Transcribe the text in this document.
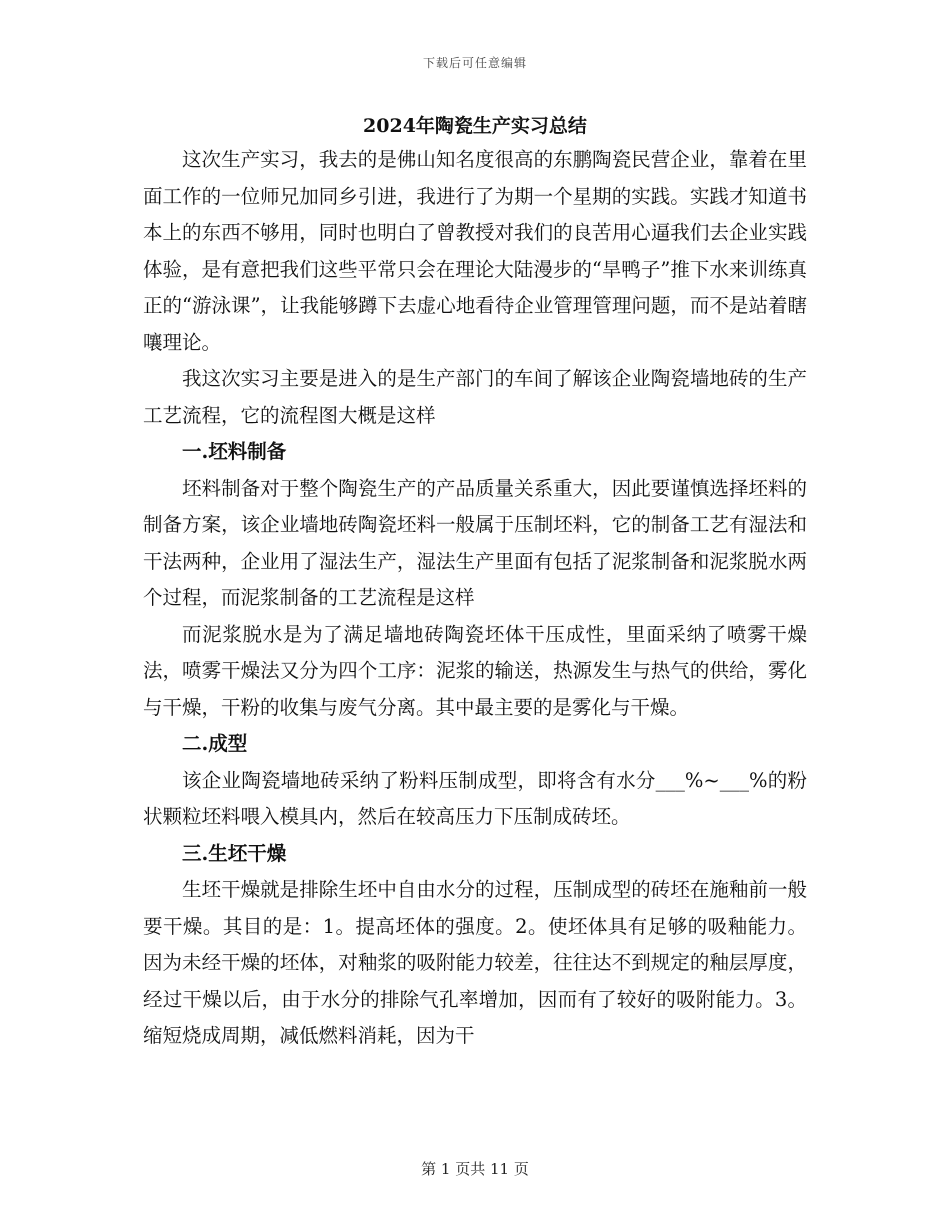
下载后可任意编辑
2024年陶瓷生产实习总结

这次生产实习，我去的是佛山知名度很高的东鹏陶瓷民营企业，靠着在里面工作的一位师兄加同乡引进，我进行了为期一个星期的实践。实践才知道书本上的东西不够用，同时也明白了曾教授对我们的良苦用心逼我们去企业实践体验，是有意把我们这些平常只会在理论大陆漫步的“旱鸭子”推下水来训练真正的“游泳课”，让我能够蹲下去虚心地看待企业管理管理问题，而不是站着瞎嚷理论。

我这次实习主要是进入的是生产部门的车间了解该企业陶瓷墙地砖的生产工艺流程，它的流程图大概是这样

一.坯料制备

坯料制备对于整个陶瓷生产的产品质量关系重大，因此要谨慎选择坯料的制备方案，该企业墙地砖陶瓷坯料一般属于压制坯料，它的制备工艺有湿法和干法两种，企业用了湿法生产，湿法生产里面有包括了泥浆制备和泥浆脱水两个过程，而泥浆制备的工艺流程是这样

而泥浆脱水是为了满足墙地砖陶瓷坯体干压成性，里面采纳了喷雾干燥法，喷雾干燥法又分为四个工序：泥浆的输送，热源发生与热气的供给，雾化与干燥，干粉的收集与废气分离。其中最主要的是雾化与干燥。

二.成型

该企业陶瓷墙地砖采纳了粉料压制成型，即将含有水分___%~___%的粉状颗粒坯料喂入模具内，然后在较高压力下压制成砖坯。

三.生坯干燥

生坯干燥就是排除生坯中自由水分的过程，压制成型的砖坯在施釉前一般要干燥。其目的是：1。提高坯体的强度。2。使坯体具有足够的吸釉能力。因为未经干燥的坯体，对釉浆的吸附能力较差，往往达不到规定的釉层厚度，经过干燥以后，由于水分的排除气孔率增加，因而有了较好的吸附能力。3。缩短烧成周期，减低燃料消耗，因为干

第 1 页共 11 页
